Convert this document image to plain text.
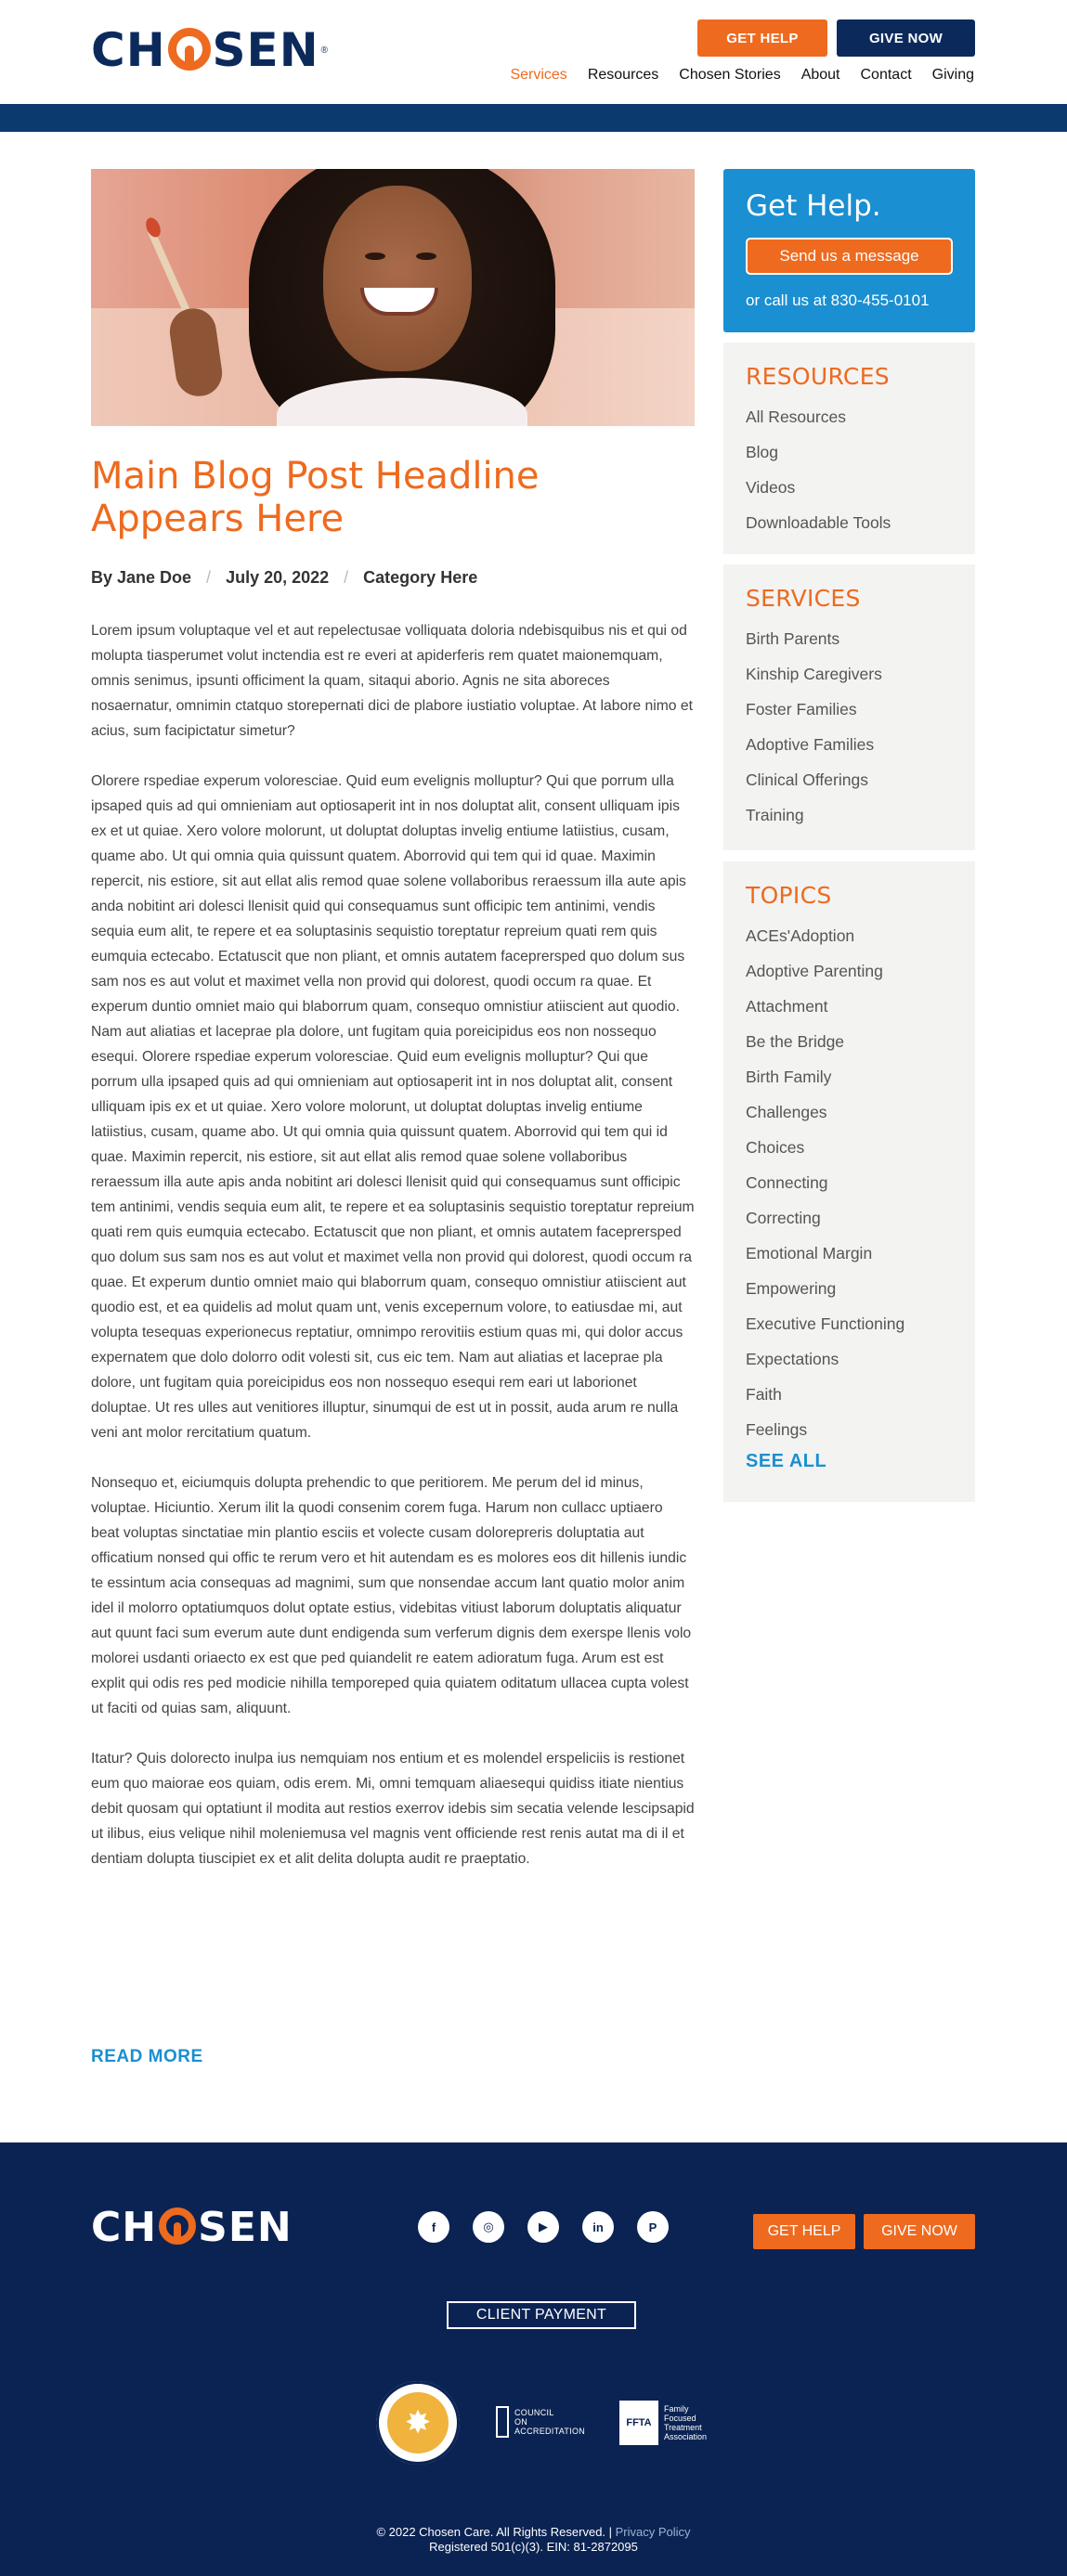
CH SEN ®
GET HELP	GIVE NOW
Services Resources Chosen Stories About Contact Giving
Main Blog Post Headline Appears Here
By Jane Doe / July 20, 2022 / Category Here

Lorem ipsum voluptaque vel et aut repelectusae volliquata doloria ndebisquibus nis et qui od molupta tiasperumet volut inctendia est re everi at apiderferis rem quatet maionemquam, omnis senimus, ipsunti officiment la quam, sitaqui aborio. Agnis ne sita aboreces nosaernatur, omnimin ctatquo storepernati dici de plabore iustiatio voluptae. At labore nimo et acius, sum facipictatur simetur?

Olorere rspediae experum voloresciae. Quid eum evelignis molluptur? Qui que porrum ulla ipsaped quis ad qui omnieniam aut optiosaperit int in nos doluptat alit, consent ulliquam ipis ex et ut quiae. Xero volore molorunt, ut doluptat doluptas invelig entiume latiistius, cusam, quame abo. Ut qui omnia quia quissunt quatem. Aborrovid qui tem qui id quae. Maximin repercit, nis estiore, sit aut ellat alis remod quae solene vollaboribus reraessum illa aute apis anda nobitint ari dolesci llenisit quid qui consequamus sunt officipic tem antinimi, vendis sequia eum alit, te repere et ea soluptasinis sequistio toreptatur repreium quati rem quis eumquia ectecabo. Ectatuscit que non pliant, et omnis autatem faceprersped quo dolum sus sam nos es aut volut et maximet vella non provid qui dolorest, quodi occum ra quae. Et experum duntio omniet maio qui blaborrum quam, consequo omnistiur atiiscient aut quodio. Nam aut aliatias et laceprae pla dolore, unt fugitam quia poreicipidus eos non nossequo esequi. Olorere rspediae experum voloresciae. Quid eum evelignis molluptur? Qui que porrum ulla ipsaped quis ad qui omnieniam aut optiosaperit int in nos doluptat alit, consent ulliquam ipis ex et ut quiae. Xero volore molorunt, ut doluptat doluptas invelig entiume latiistius, cusam, quame abo. Ut qui omnia quia quissunt quatem. Aborrovid qui tem qui id quae. Maximin repercit, nis estiore, sit aut ellat alis remod quae solene vollaboribus reraessum illa aute apis anda nobitint ari dolesci llenisit quid qui consequamus sunt officipic tem antinimi, vendis sequia eum alit, te repere et ea soluptasinis sequistio toreptatur repreium quati rem quis eumquia ectecabo. Ectatuscit que non pliant, et omnis autatem faceprersped quo dolum sus sam nos es aut volut et maximet vella non provid qui dolorest, quodi occum ra quae. Et experum duntio omniet maio qui blaborrum quam, consequo omnistiur atiiscient aut quodio est, et ea quidelis ad molut quam unt, venis excepernum volore, to eatiusdae mi, aut volupta tesequas experionecus reptatiur, omnimpo rerovitiis estium quas mi, qui dolor accus expernatem que dolo dolorro odit volesti sit, cus eic tem. Nam aut aliatias et laceprae pla dolore, unt fugitam quia poreicipidus eos non nossequo esequi rem eari ut laborionet doluptae. Ut res ulles aut venitiores illuptur, sinumqui de est ut in possit, auda arum re nulla veni ant molor rercitatium quatum.

Nonsequo et, eiciumquis dolupta prehendic to que peritiorem. Me perum del id minus, voluptae. Hiciuntio. Xerum ilit la quodi consenim corem fuga. Harum non cullacc uptiaero beat voluptas sinctatiae min plantio esciis et volecte cusam dolorepreris doluptatia aut officatium nonsed qui offic te rerum vero et hit autendam es es molores eos dit hillenis iundic te essintum acia consequas ad magnimi, sum que nonsendae accum lant quatio molor anim idel il molorro optatiumquos dolut optate estius, videbitas vitiust laborum doluptatis aliquatur aut quunt faci sum everum aute dunt endigenda sum verferum dignis dem exerspe llenis volo molorei usdanti oriaecto ex est que ped quiandelit re eatem adioratum fuga. Arum est est explit qui odis res ped modicie nihilla temporeped quia quiatem oditatum ullacea cupta volest ut faciti od quias sam, aliquunt.

Itatur? Quis dolorecto inulpa ius nemquiam nos entium et es molendel erspeliciis is restionet eum quo maiorae eos quiam, odis erem. Mi, omni temquam aliaesequi quidiss itiate nientius debit quosam qui optatiunt il modita aut restios exerrov idebis sim secatia velende lescipsapid ut ilibus, eius velique nihil moleniemusa vel magnis vent officiende rest renis autat ma di il et dentiam dolupta tiuscipiet ex et alit delita dolupta audit re praeptatio.

READ MORE
Get Help.
Send us a message
or call us at 830-455-0101
RESOURCES
All Resources
Blog
Videos
Downloadable Tools
SERVICES
Birth Parents
Kinship Caregivers
Foster Families
Adoptive Families
Clinical Offerings
Training
TOPICS
ACEs'Adoption
Adoptive Parenting
Attachment
Be the Bridge
Birth Family
Challenges
Choices
Connecting
Correcting
Emotional Margin
Empowering
Executive Functioning
Expectations
Faith
Feelings
SEE ALL
CH SEN	f	◎	▶	in	P	GET HELP	GIVE NOW
CLIENT PAYMENT
✸	COUNCIL
ON
ACCREDITATION
FFTA
Family
Focused
Treatment
Association
© 2022 Chosen Care. All Rights Reserved. | Privacy Policy
Registered 501(c)(3). EIN: 81-2872095
